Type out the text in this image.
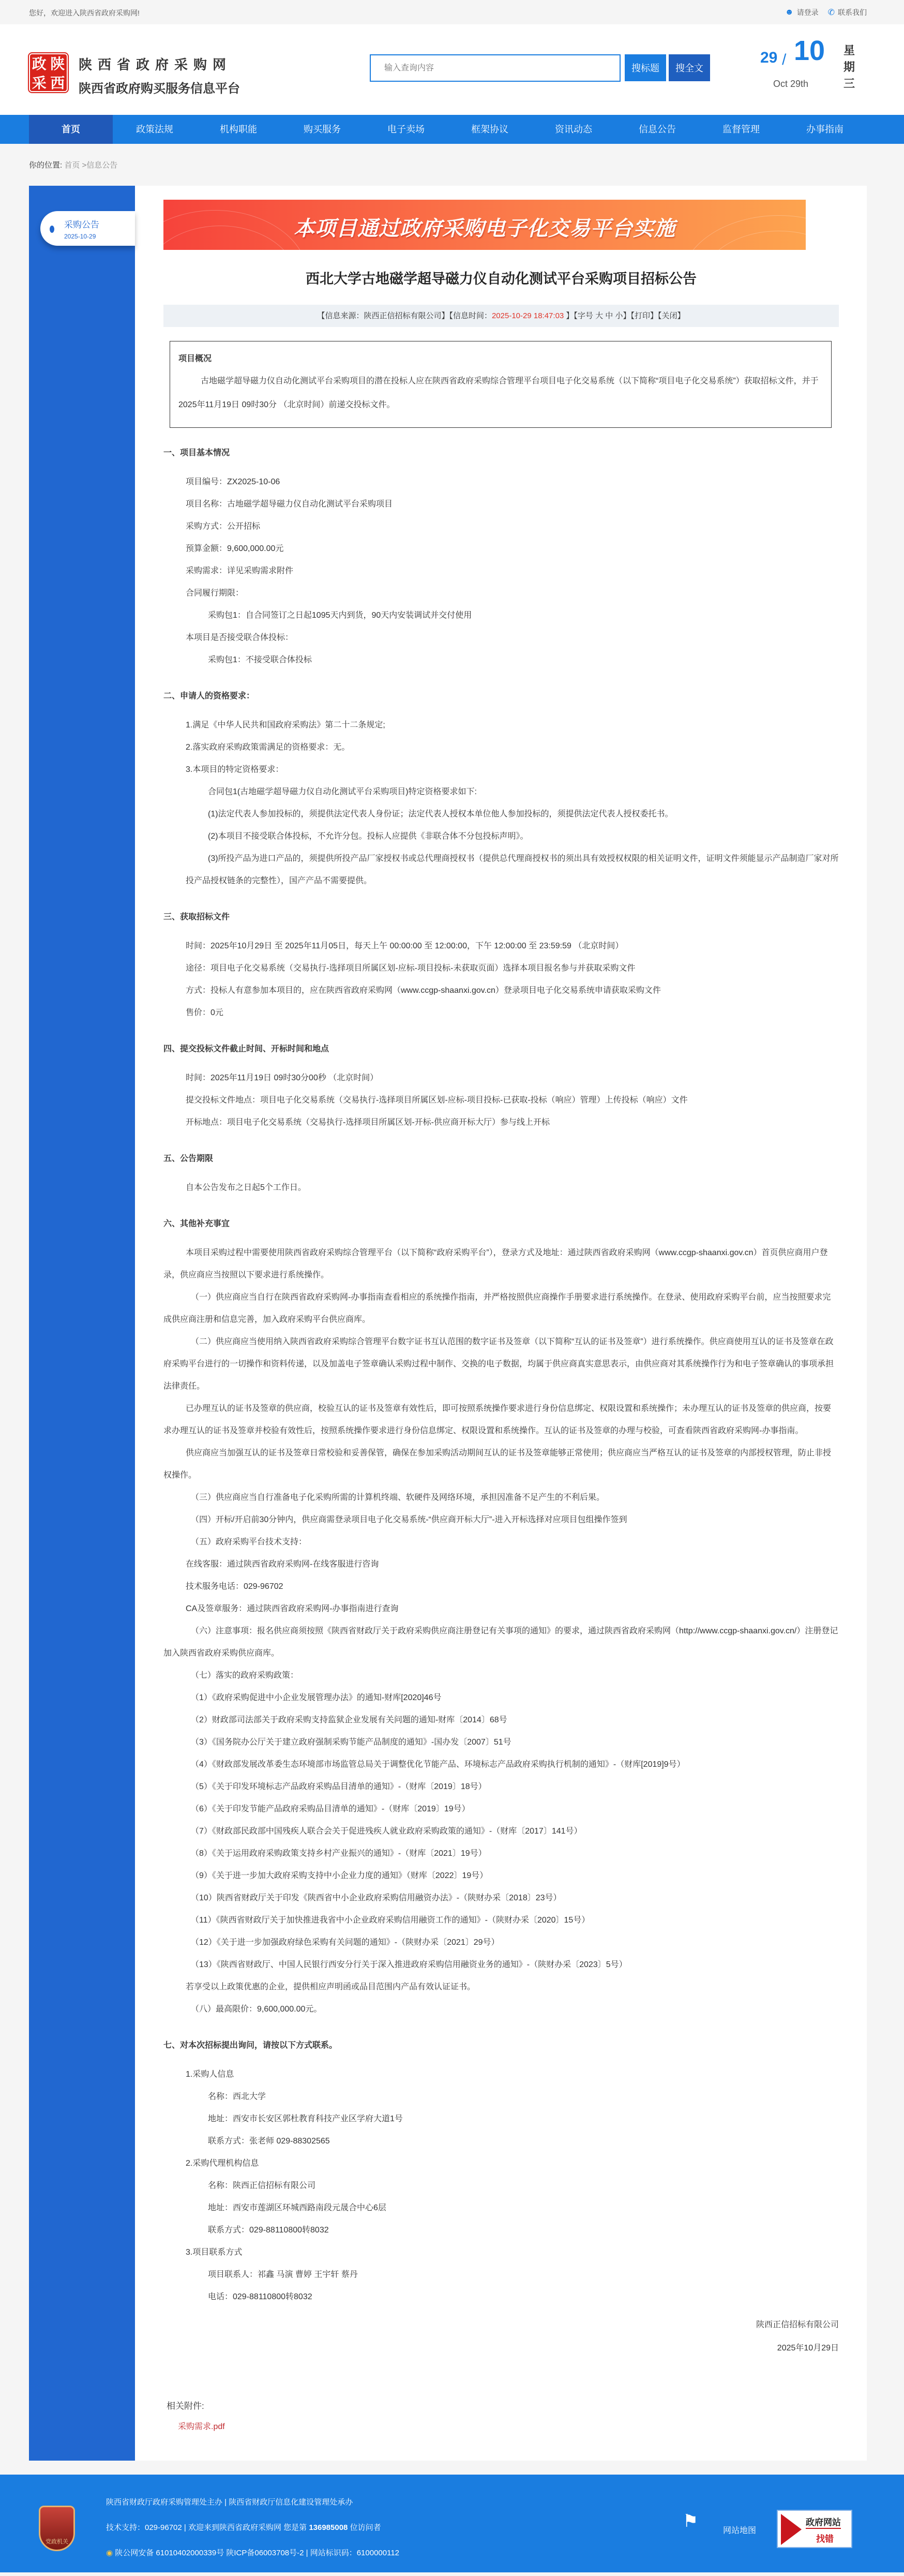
您好，欢迎进入陕西省政府采购网!	☻ 请登录 ✆ 联系我们
政 陕
采 西
陕西省政府采购网
陕西省政府购买服务信息平台
输入查询内容
搜标题	搜全文
29 / 10
Oct 29th
星期三
首页	政策法规	机构职能	购买服务	电子卖场	框架协议	资讯动态	信息公告	监督管理	办事指南
你的位置: 首页 >信息公告
采购公告
2025-10-29	本项目通过政府采购电子化交易平台实施
西北大学古地磁学超导磁力仪自动化测试平台采购项目招标公告
【信息来源：陕西正信招标有限公司】【信息时间：2025-10-29 18:47:03 】【字号 大 中 小】【打印】【关闭】
项目概况
古地磁学超导磁力仪自动化测试平台采购项目的潜在投标人应在陕西省政府采购综合管理平台项目电子化交易系统（以下简称“项目电子化交易系统”）获取招标文件，并于 2025年11月19日 09时30分 （北京时间）前递交投标文件。
一、项目基本情况
项目编号：ZX2025-10-06
项目名称：古地磁学超导磁力仪自动化测试平台采购项目
采购方式：公开招标
预算金额：9,600,000.00元
采购需求：详见采购需求附件
合同履行期限：
采购包1：自合同签订之日起1095天内到货，90天内安装调试并交付使用
本项目是否接受联合体投标：
采购包1：不接受联合体投标
二、申请人的资格要求：
1.满足《中华人民共和国政府采购法》第二十二条规定;
2.落实政府采购政策需满足的资格要求：无。
3.本项目的特定资格要求：
合同包1(古地磁学超导磁力仪自动化测试平台采购项目)特定资格要求如下:
(1)法定代表人参加投标的，须提供法定代表人身份证；法定代表人授权本单位他人参加投标的，须提供法定代表人授权委托书。
(2)本项目不接受联合体投标，不允许分包。投标人应提供《非联合体不分包投标声明》。
(3)所投产品为进口产品的，须提供所投产品厂家授权书或总代理商授权书（提供总代理商授权书的须出具有效授权权限的相关证明文件，证明文件须能显示产品制造厂家对所投产品授权链条的完整性），国产产品不需要提供。
三、获取招标文件
时间：2025年10月29日 至 2025年11月05日，每天上午 00:00:00 至 12:00:00，下午 12:00:00 至 23:59:59 （北京时间）
途径：项目电子化交易系统（交易执行-选择项目所属区划-应标-项目投标-未获取页面）选择本项目报名参与并获取采购文件
方式：投标人有意参加本项目的，应在陕西省政府采购网（www.ccgp-shaanxi.gov.cn）登录项目电子化交易系统申请获取采购文件
售价：0元
四、提交投标文件截止时间、开标时间和地点
时间：2025年11月19日 09时30分00秒 （北京时间）
提交投标文件地点：项目电子化交易系统（交易执行-选择项目所属区划-应标-项目投标-已获取-投标（响应）管理）上传投标（响应）文件
开标地点：项目电子化交易系统（交易执行-选择项目所属区划-开标-供应商开标大厅）参与线上开标
五、公告期限
自本公告发布之日起5个工作日。
六、其他补充事宜
本项目采购过程中需要使用陕西省政府采购综合管理平台（以下简称“政府采购平台”），登录方式及地址：通过陕西省政府采购网（www.ccgp-shaanxi.gov.cn）首页供应商用户登录，供应商应当按照以下要求进行系统操作。
（一）供应商应当自行在陕西省政府采购网-办事指南查看相应的系统操作指南，并严格按照供应商操作手册要求进行系统操作。在登录、使用政府采购平台前，应当按照要求完成供应商注册和信息完善，加入政府采购平台供应商库。
（二）供应商应当使用纳入陕西省政府采购综合管理平台数字证书互认范围的数字证书及签章（以下简称“互认的证书及签章”）进行系统操作。供应商使用互认的证书及签章在政府采购平台进行的一切操作和资料传递，以及加盖电子签章确认采购过程中制作、交换的电子数据，均属于供应商真实意思表示，由供应商对其系统操作行为和电子签章确认的事项承担法律责任。
已办理互认的证书及签章的供应商，校验互认的证书及签章有效性后，即可按照系统操作要求进行身份信息绑定、权限设置和系统操作；未办理互认的证书及签章的供应商，按要求办理互认的证书及签章并校验有效性后，按照系统操作要求进行身份信息绑定、权限设置和系统操作。互认的证书及签章的办理与校验，可查看陕西省政府采购网-办事指南。
供应商应当加强互认的证书及签章日常校验和妥善保管，确保在参加采购活动期间互认的证书及签章能够正常使用；供应商应当严格互认的证书及签章的内部授权管理，防止非授权操作。
（三）供应商应当自行准备电子化采购所需的计算机终端、软硬件及网络环境，承担因准备不足产生的不利后果。
（四）开标/开启前30分钟内，供应商需登录项目电子化交易系统-“供应商开标大厅”-进入开标选择对应项目包组操作签到
（五）政府采购平台技术支持：
在线客服：通过陕西省政府采购网-在线客服进行咨询
技术服务电话：029-96702
CA及签章服务：通过陕西省政府采购网-办事指南进行查询
（六）注意事项：报名供应商须按照《陕西省财政厅关于政府采购供应商注册登记有关事项的通知》的要求，通过陕西省政府采购网（http://www.ccgp-shaanxi.gov.cn/）注册登记加入陕西省政府采购供应商库。
（七）落实的政府采购政策：
（1）《政府采购促进中小企业发展管理办法》的通知-财库[2020]46号
（2）财政部司法部关于政府采购支持监狱企业发展有关问题的通知-财库〔2014〕68号
（3）《国务院办公厅关于建立政府强制采购节能产品制度的通知》-国办发〔2007〕51号
（4）《财政部发展改革委生态环境部市场监管总局关于调整优化节能产品、环境标志产品政府采购执行机制的通知》-（财库[2019]9号）
（5）《关于印发环境标志产品政府采购品目清单的通知》-（财库〔2019〕18号）
（6）《关于印发节能产品政府采购品目清单的通知》-（财库〔2019〕19号）
（7）《财政部民政部中国残疾人联合会关于促进残疾人就业政府采购政策的通知》-（财库〔2017〕141号）
（8）《关于运用政府采购政策支持乡村产业振兴的通知》-（财库〔2021〕19号）
（9）《关于进一步加大政府采购支持中小企业力度的通知》（财库〔2022〕19号）
（10）陕西省财政厅关于印发《陕西省中小企业政府采购信用融资办法》-（陕财办采〔2018〕23号）
（11）《陕西省财政厅关于加快推进我省中小企业政府采购信用融资工作的通知》-（陕财办采〔2020〕15号）
（12）《关于进一步加强政府绿色采购有关问题的通知》-（陕财办采〔2021〕29号）
（13）《陕西省财政厅、中国人民银行西安分行关于深入推进政府采购信用融资业务的通知》-（陕财办采〔2023〕5号）
若享受以上政策优惠的企业，提供相应声明函或品目范围内产品有效认证证书。
（八）最高限价：9,600,000.00元。
七、对本次招标提出询问，请按以下方式联系。
1.采购人信息
名称：西北大学
地址：西安市长安区郭杜教育科技产业区学府大道1号
联系方式：张老师 029-88302565
2.采购代理机构信息
名称：陕西正信招标有限公司
地址：西安市莲湖区环城西路南段元晟合中心6层
联系方式：029-88110800转8032
3.项目联系方式
项目联系人：祁鑫 马演 曹婷 王宇轩 蔡丹
电话：029-88110800转8032
陕西正信招标有限公司
2025年10月29日
相关附件:
采购需求.pdf
党政机关
陕西省财政厅政府采购管理处主办 | 陕西省财政厅信息化建设管理处承办
技术支持：029-96702 | 欢迎来到陕西省政府采购网 您是第 136985008 位访问者
◉ 陕公网安备 61010402000339号 陕ICP备06003708号-2 | 网站标识码：6100000112
⚑	网站地图
政府网站
找错
